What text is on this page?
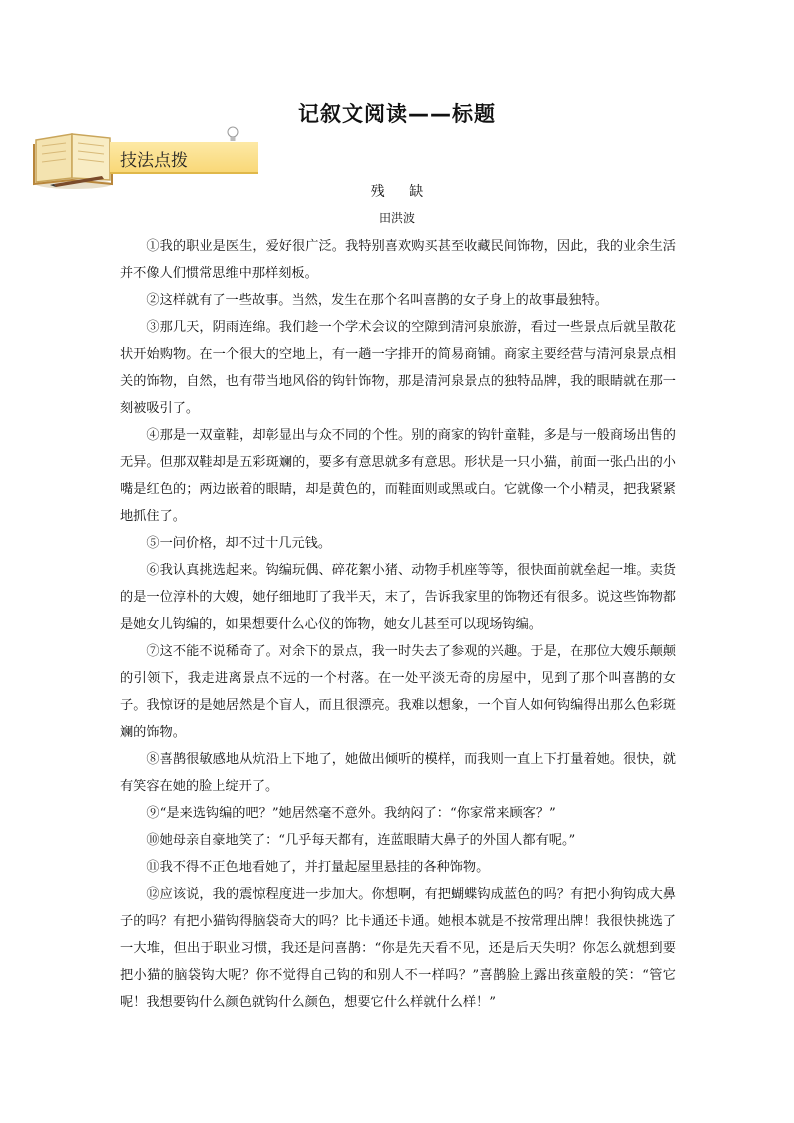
记叙文阅读——标题
技法点拨
残 缺
田洪波

①我的职业是医生，爱好很广泛。我特别喜欢购买甚至收藏民间饰物，因此，我的业余生活并不像人们惯常思维中那样刻板。

②这样就有了一些故事。当然，发生在那个名叫喜鹊的女子身上的故事最独特。

③那几天，阴雨连绵。我们趁一个学术会议的空隙到清河泉旅游，看过一些景点后就呈散花状开始购物。在一个很大的空地上，有一趟一字排开的简易商铺。商家主要经营与清河泉景点相关的饰物，自然，也有带当地风俗的钩针饰物，那是清河泉景点的独特品牌，我的眼睛就在那一刻被吸引了。

④那是一双童鞋，却彰显出与众不同的个性。别的商家的钩针童鞋，多是与一般商场出售的无异。但那双鞋却是五彩斑斓的，要多有意思就多有意思。形状是一只小猫，前面一张凸出的小嘴是红色的；两边嵌着的眼睛，却是黄色的，而鞋面则或黑或白。它就像一个小精灵，把我紧紧地抓住了。

⑤一问价格，却不过十几元钱。

⑥我认真挑选起来。钩编玩偶、碎花絮小猪、动物手机座等等，很快面前就垒起一堆。卖货的是一位淳朴的大嫂，她仔细地盯了我半天，末了，告诉我家里的饰物还有很多。说这些饰物都是她女儿钩编的，如果想要什么心仪的饰物，她女儿甚至可以现场钩编。

⑦这不能不说稀奇了。对余下的景点，我一时失去了参观的兴趣。于是，在那位大嫂乐颠颠的引领下，我走进离景点不远的一个村落。在一处平淡无奇的房屋中，见到了那个叫喜鹊的女子。我惊讶的是她居然是个盲人，而且很漂亮。我难以想象，一个盲人如何钩编得出那么色彩斑斓的饰物。

⑧喜鹊很敏感地从炕沿上下地了，她做出倾听的模样，而我则一直上下打量着她。很快，就有笑容在她的脸上绽开了。

⑨“是来选钩编的吧？”她居然毫不意外。我纳闷了：“你家常来顾客？”

⑩她母亲自豪地笑了：“几乎每天都有，连蓝眼睛大鼻子的外国人都有呢。”

⑪我不得不正色地看她了，并打量起屋里悬挂的各种饰物。

⑫应该说，我的震惊程度进一步加大。你想啊，有把蝴蝶钩成蓝色的吗？有把小狗钩成大鼻子的吗？有把小猫钩得脑袋奇大的吗？比卡通还卡通。她根本就是不按常理出牌！我很快挑选了一大堆，但出于职业习惯，我还是问喜鹊：“你是先天看不见，还是后天失明？你怎么就想到要把小猫的脑袋钩大呢？你不觉得自己钩的和别人不一样吗？”喜鹊脸上露出孩童般的笑：“管它呢！我想要钩什么颜色就钩什么颜色，想要它什么样就什么样！”
